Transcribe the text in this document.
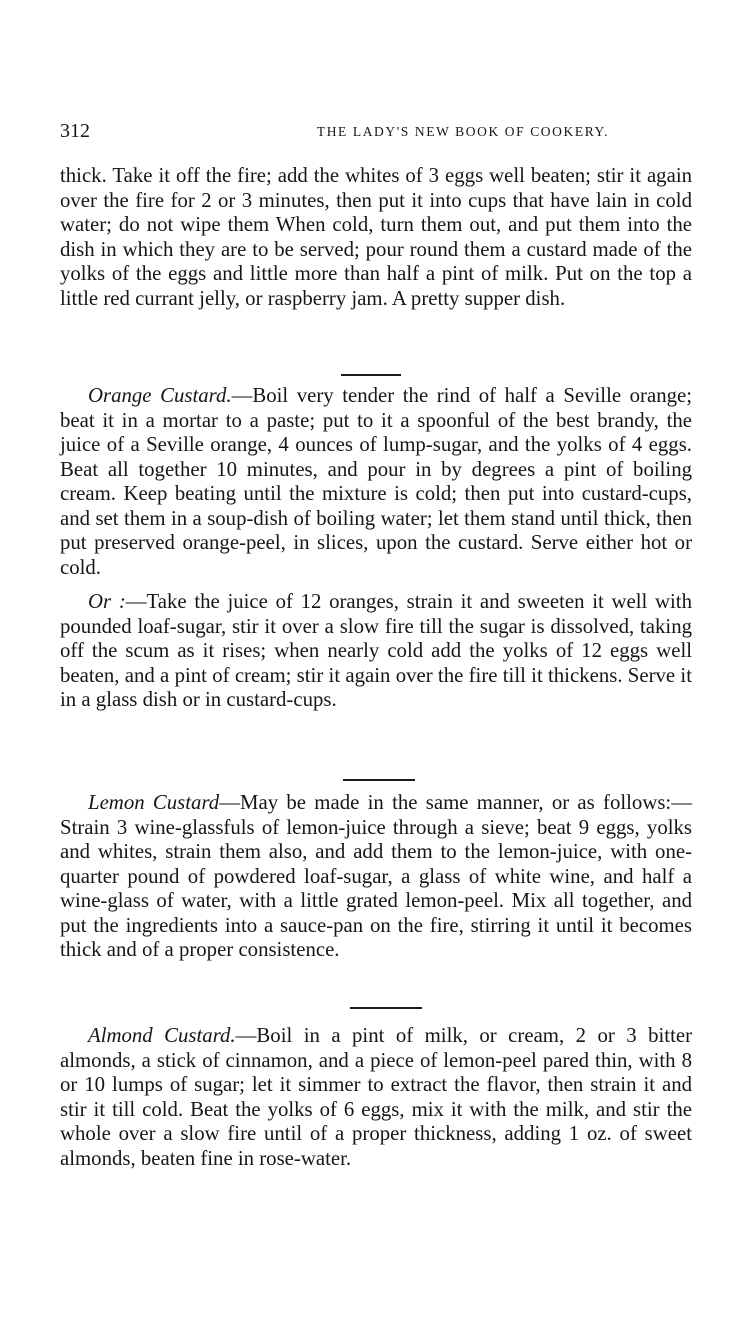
312	THE LADY'S NEW BOOK OF COOKERY.

thick. Take it off the fire; add the whites of 3 eggs well beaten; stir it again over the fire for 2 or 3 minutes, then put it into cups that have lain in cold water; do not wipe them When cold, turn them out, and put them into the dish in which they are to be served; pour round them a custard made of the yolks of the eggs and little more than half a pint of milk. Put on the top a little red currant jelly, or raspberry jam. A pretty supper dish.

Orange Custard.—Boil very tender the rind of half a Seville orange; beat it in a mortar to a paste; put to it a spoonful of the best brandy, the juice of a Seville orange, 4 ounces of lump-sugar, and the yolks of 4 eggs. Beat all together 10 minutes, and pour in by degrees a pint of boiling cream. Keep beating until the mixture is cold; then put into custard-cups, and set them in a soup-dish of boiling water; let them stand until thick, then put preserved orange-peel, in slices, upon the custard. Serve either hot or cold.

Or :—Take the juice of 12 oranges, strain it and sweeten it well with pounded loaf-sugar, stir it over a slow fire till the sugar is dissolved, taking off the scum as it rises; when nearly cold add the yolks of 12 eggs well beaten, and a pint of cream; stir it again over the fire till it thickens. Serve it in a glass dish or in custard-cups.

Lemon Custard—May be made in the same manner, or as follows:—Strain 3 wine-glassfuls of lemon-juice through a sieve; beat 9 eggs, yolks and whites, strain them also, and add them to the lemon-juice, with one-quarter pound of powdered loaf-sugar, a glass of white wine, and half a wine-glass of water, with a little grated lemon-peel. Mix all together, and put the ingredients into a sauce-pan on the fire, stirring it until it becomes thick and of a proper consistence.

Almond Custard.—Boil in a pint of milk, or cream, 2 or 3 bitter almonds, a stick of cinnamon, and a piece of lemon-peel pared thin, with 8 or 10 lumps of sugar; let it simmer to extract the flavor, then strain it and stir it till cold. Beat the yolks of 6 eggs, mix it with the milk, and stir the whole over a slow fire until of a proper thickness, adding 1 oz. of sweet almonds, beaten fine in rose-water.
